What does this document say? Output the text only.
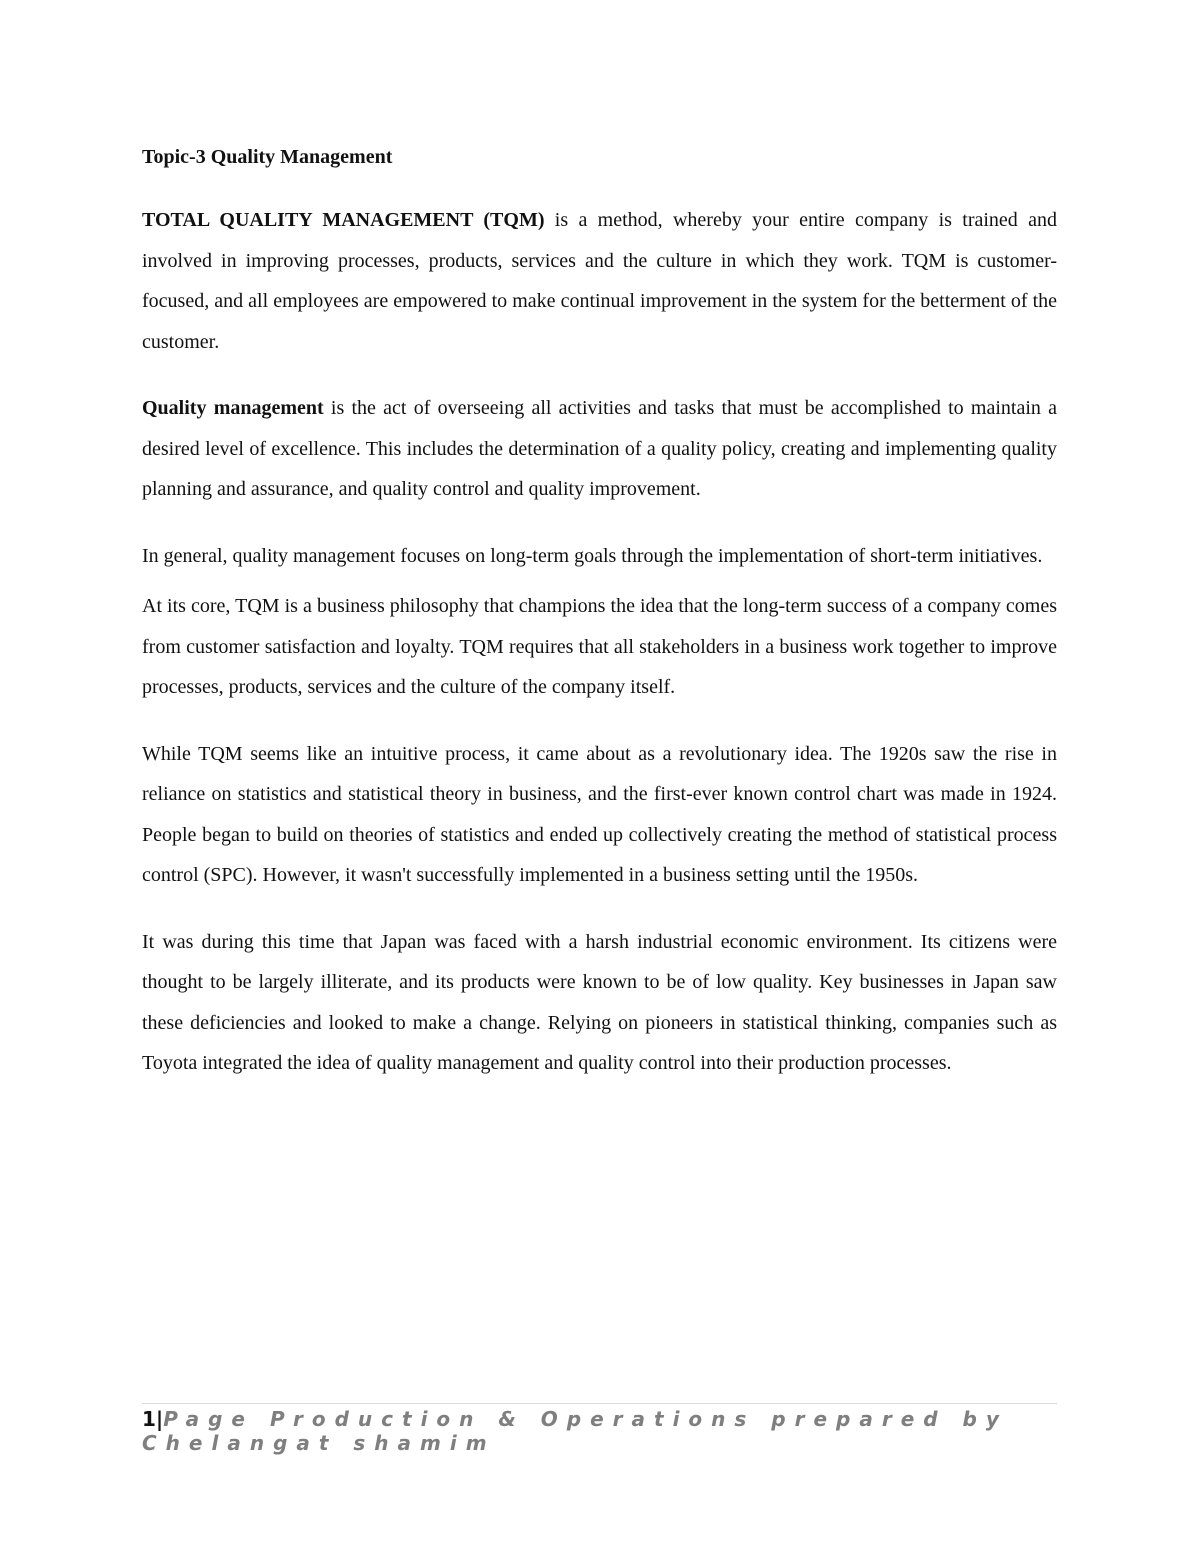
Topic-3 Quality Management

TOTAL QUALITY MANAGEMENT (TQM) is a method, whereby your entire company is trained and involved in improving processes, products, services and the culture in which they work. TQM is customer-focused, and all employees are empowered to make continual improvement in the system for the betterment of the customer.

Quality management is the act of overseeing all activities and tasks that must be accomplished to maintain a desired level of excellence. This includes the determination of a quality policy, creating and implementing quality planning and assurance, and quality control and quality improvement.

In general, quality management focuses on long-term goals through the implementation of short-term initiatives.

At its core, TQM is a business philosophy that champions the idea that the long-term success of a company comes from customer satisfaction and loyalty. TQM requires that all stakeholders in a business work together to improve processes, products, services and the culture of the company itself.

While TQM seems like an intuitive process, it came about as a revolutionary idea. The 1920s saw the rise in reliance on statistics and statistical theory in business, and the first-ever known control chart was made in 1924. People began to build on theories of statistics and ended up collectively creating the method of statistical process control (SPC). However, it wasn't successfully implemented in a business setting until the 1950s.

It was during this time that Japan was faced with a harsh industrial economic environment. Its citizens were thought to be largely illiterate, and its products were known to be of low quality. Key businesses in Japan saw these deficiencies and looked to make a change. Relying on pioneers in statistical thinking, companies such as Toyota integrated the idea of quality management and quality control into their production processes.

1|Page Production & Operations prepared by Chelangat shamim
